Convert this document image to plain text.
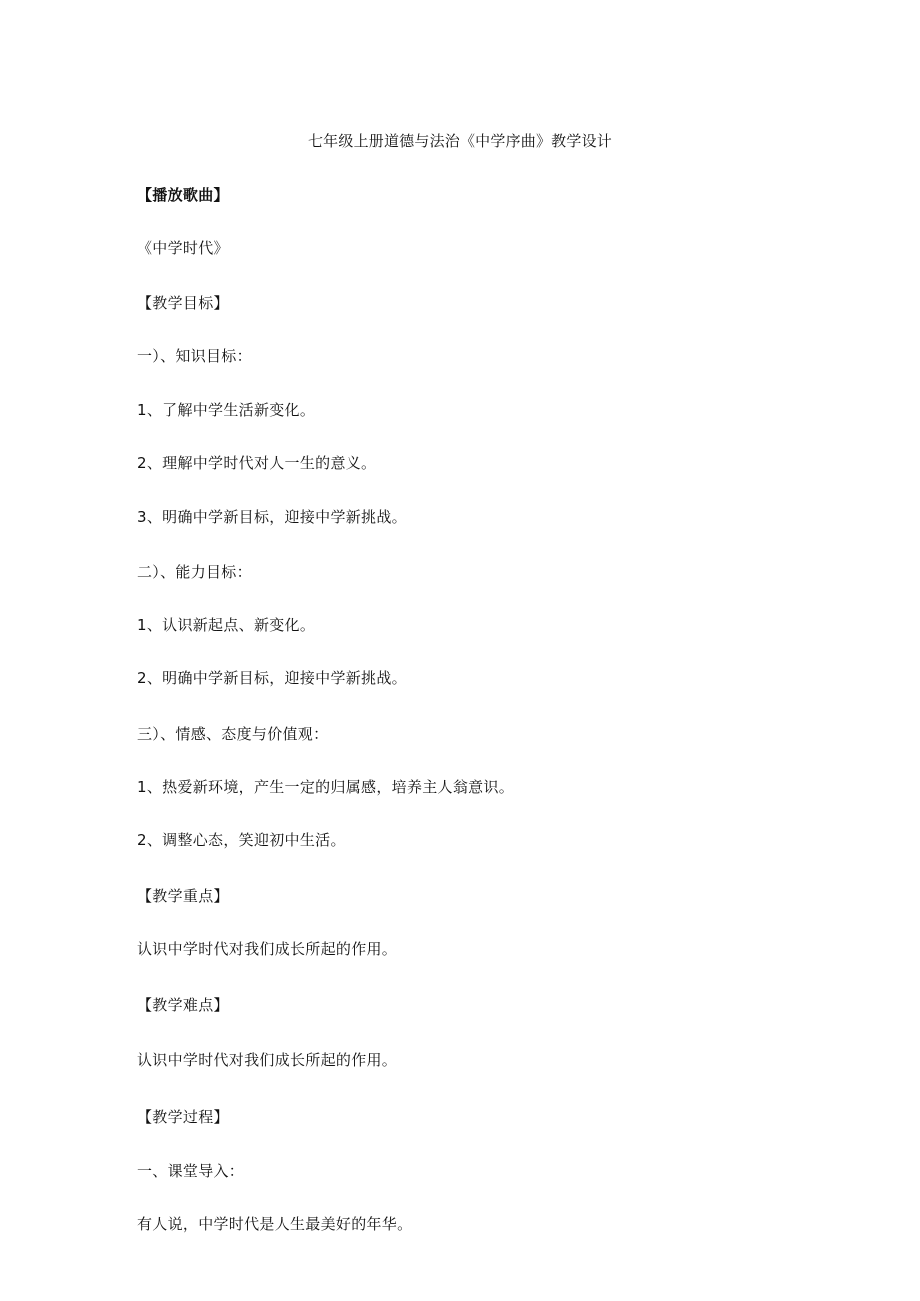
七年级上册道德与法治《中学序曲》教学设计
【播放歌曲】
《中学时代》
【教学目标】
一）、知识目标：
1、了解中学生活新变化。
2、理解中学时代对人一生的意义。
3、明确中学新目标，迎接中学新挑战。
二）、能力目标：
1、认识新起点、新变化。
2、明确中学新目标，迎接中学新挑战。
三）、情感、态度与价值观：
1、热爱新环境，产生一定的归属感，培养主人翁意识。
2、调整心态，笑迎初中生活。
【教学重点】
认识中学时代对我们成长所起的作用。
【教学难点】
认识中学时代对我们成长所起的作用。
【教学过程】
一、课堂导入：
有人说，中学时代是人生最美好的年华。
